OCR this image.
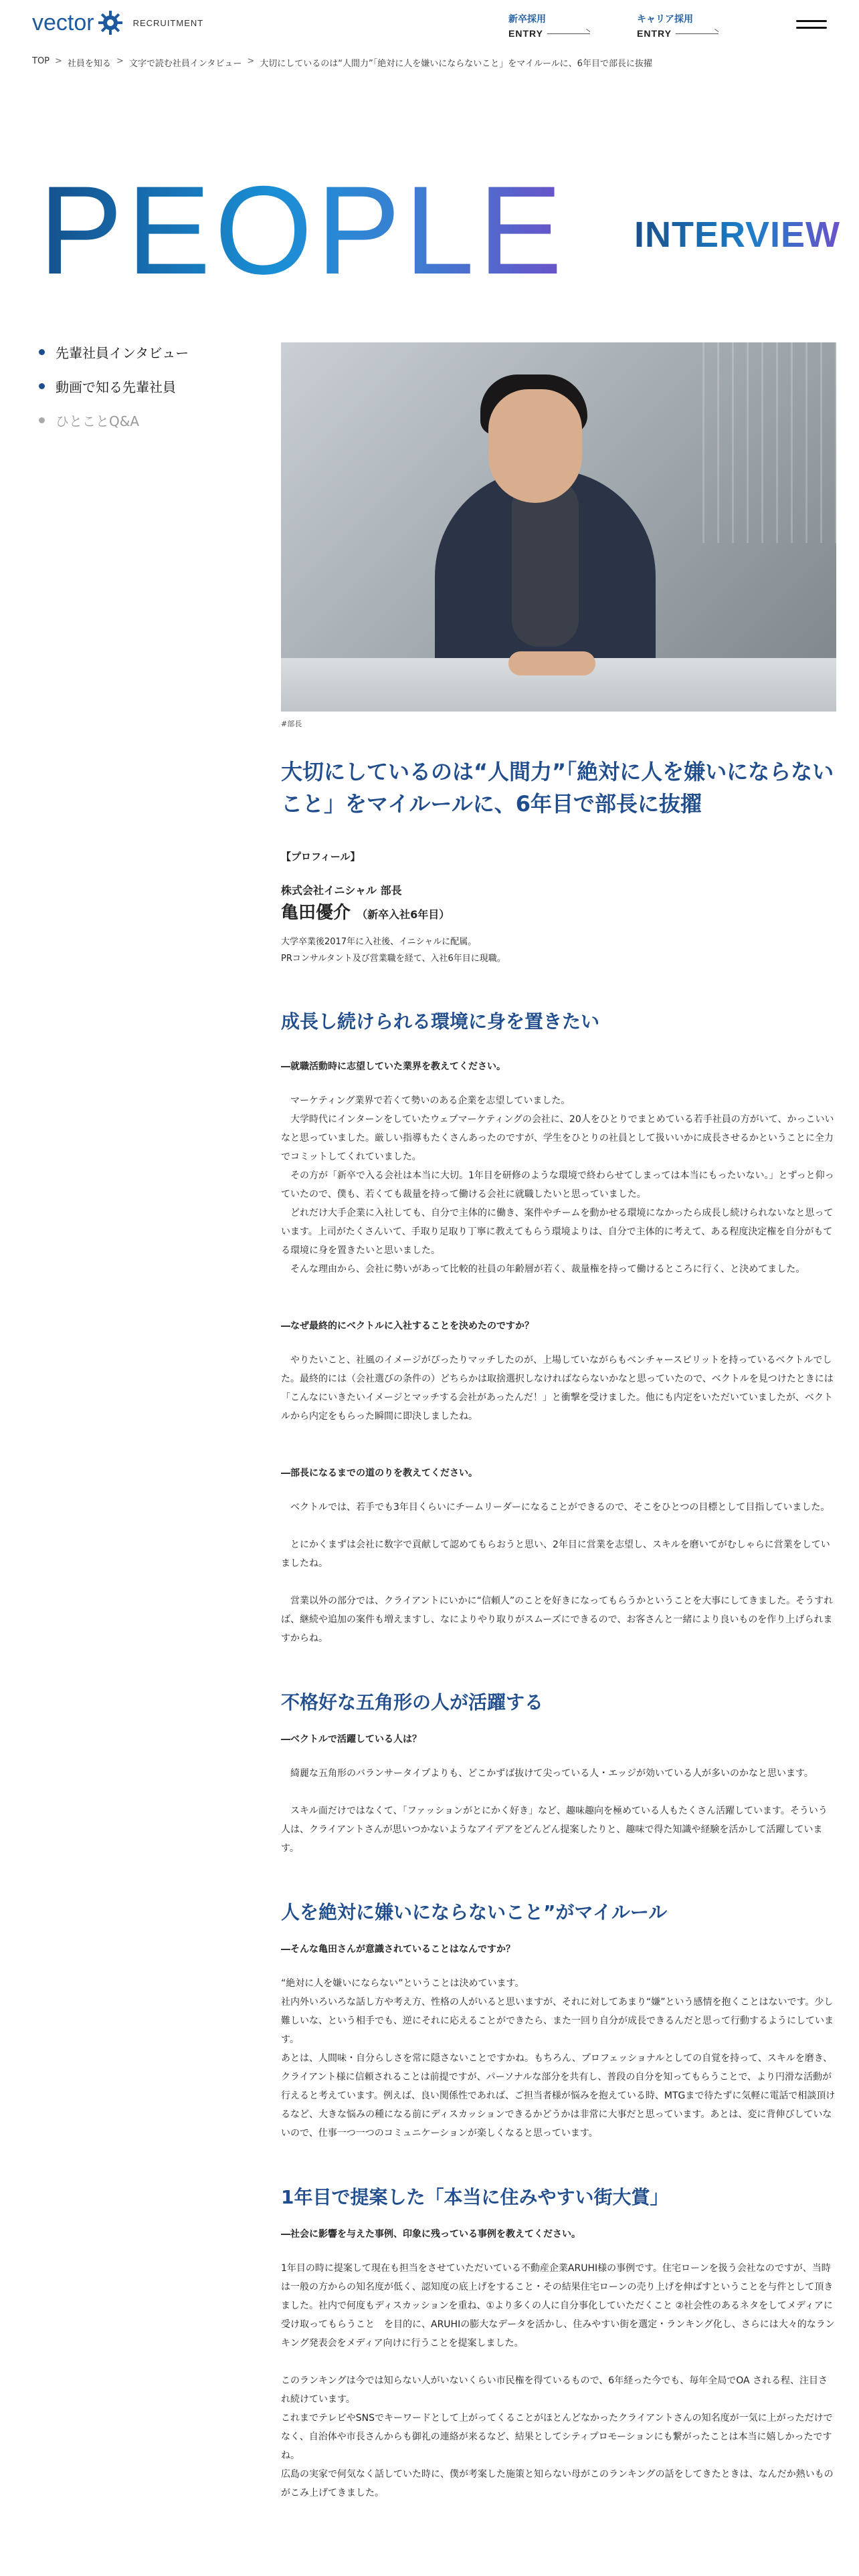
vector	RECRUITMENT	新卒採用
ENTRY
キャリア採用
ENTRY
TOP > 社員を知る > 文字で読む社員インタビュー > 大切にしているのは“人間力”「絶対に人を嫌いにならないこと」をマイルールに、6年目で部長に抜擢
PEOPLE INTERVIEW
先輩社員インタビュー
動画で知る先輩社員
ひとことQ&A
#部長
大切にしているのは“人間力”「絶対に人を嫌いにならないこと」をマイルールに、6年目で部長に抜擢
【プロフィール】
株式会社イニシャル 部長
亀田優介 （新卒入社6年目）
大学卒業後2017年に入社後、イニシャルに配属。
PRコンサルタント及び営業職を経て、入社6年目に現職。
成長し続けられる環境に身を置きたい
―就職活動時に志望していた業界を教えてください。

　マーケティング業界で若くて勢いのある企業を志望していました。

　大学時代にインターンをしていたウェブマーケティングの会社に、20人をひとりでまとめている若手社員の方がいて、かっこいいなと思っていました。厳しい指導もたくさんあったのですが、学生をひとりの社員として扱いいかに成長させるかということに全力でコミットしてくれていました。

　その方が「新卒で入る会社は本当に大切。1年目を研修のような環境で終わらせてしまっては本当にもったいない。」とずっと仰っていたので、僕も、若くても裁量を持って働ける会社に就職したいと思っていました。

　どれだけ大手企業に入社しても、自分で主体的に働き、案件やチームを動かせる環境になかったら成長し続けられないなと思っています。上司がたくさんいて、手取り足取り丁寧に教えてもらう環境よりは、自分で主体的に考えて、ある程度決定権を自分がもてる環境に身を置きたいと思いました。

　そんな理由から、会社に勢いがあって比較的社員の年齢層が若く、裁量権を持って働けるところに行く、と決めてました。

―なぜ最終的にベクトルに入社することを決めたのですか？

　やりたいこと、社風のイメージがぴったりマッチしたのが、上場していながらもベンチャースピリットを持っているベクトルでした。最終的には（会社選びの条件の）どちらかは取捨選択しなければならないかなと思っていたので、ベクトルを見つけたときには「こんなにいきたいイメージとマッチする会社があったんだ！」と衝撃を受けました。他にも内定をいただいていましたが、ベクトルから内定をもらった瞬間に即決しましたね。

―部長になるまでの道のりを教えてください。

　ベクトルでは、若手でも3年目くらいにチームリーダーになることができるので、そこをひとつの目標として目指していました。

　とにかくまずは会社に数字で貢献して認めてもらおうと思い、2年目に営業を志望し、スキルを磨いてがむしゃらに営業をしていましたね。

　営業以外の部分では、クライアントにいかに“信頼人”のことを好きになってもらうかということを大事にしてきました。そうすれば、継続や追加の案件も増えますし、なによりやり取りがスムーズにできるので、お客さんと一緒により良いものを作り上げられますからね。

不格好な五角形の人が活躍する
―ベクトルで活躍している人は？

　綺麗な五角形のバランサータイプよりも、どこかずば抜けて尖っている人・エッジが効いている人が多いのかなと思います。

　スキル面だけではなくて、「ファッションがとにかく好き」など、趣味趣向を極めている人もたくさん活躍しています。そういう人は、クライアントさんが思いつかないようなアイデアをどんどん提案したりと、趣味で得た知識や経験を活かして活躍しています。

人を絶対に嫌いにならないこと”がマイルール
―そんな亀田さんが意識されていることはなんですか？

“絶対に人を嫌いにならない”ということは決めています。

社内外いろいろな話し方や考え方、性格の人がいると思いますが、それに対してあまり“嫌”という感情を抱くことはないです。少し難しいな、という相手でも、逆にそれに応えることができたら、また一回り自分が成長できるんだと思って行動するようにしています。

あとは、人間味・自分らしさを常に隠さないことですかね。もちろん、プロフェッショナルとしての自覚を持って、スキルを磨き、クライアント様に信頼されることは前提ですが、パーソナルな部分を共有し、普段の自分を知ってもらうことで、より円滑な活動が行えると考えています。例えば、良い関係性であれば、ご担当者様が悩みを抱えている時、MTGまで待たずに気軽に電話で相談頂けるなど、大きな悩みの種になる前にディスカッションできるかどうかは非常に大事だと思っています。あとは、変に背伸びしていないので、仕事一つ一つのコミュニケーションが楽しくなると思っています。

1年目で提案した「本当に住みやすい街大賞」
―社会に影響を与えた事例、印象に残っている事例を教えてください。

1年目の時に提案して現在も担当をさせていただいている不動産企業ARUHI様の事例です。住宅ローンを扱う会社なのですが、当時は一般の方からの知名度が低く、認知度の底上げをすること・その結果住宅ローンの売り上げを伸ばすということを与件として頂きました。社内で何度もディスカッションを重ね、①より多くの人に自分事化していただくこと ②社会性のあるネタをしてメディアに受け取ってもらうこと　を目的に、ARUHIの膨大なデータを活かし、住みやすい街を選定・ランキング化し、さらには大々的なランキング発表会をメディア向けに行うことを提案しました。

このランキングは今では知らない人がいないくらい市民権を得ているもので、6年経った今でも、毎年全局でOA される程、注目され続けています。

これまでテレビやSNSでキーワードとして上がってくることがほとんどなかったクライアントさんの知名度が一気に上がっただけでなく、自治体や市長さんからも御礼の連絡が来るなど、結果としてシティプロモーションにも繋がったことは本当に嬉しかったですね。

広島の実家で何気なく話していた時に、僕が考案した施策と知らない母がこのランキングの話をしてきたときは、なんだか熱いものがこみ上げてきました。
